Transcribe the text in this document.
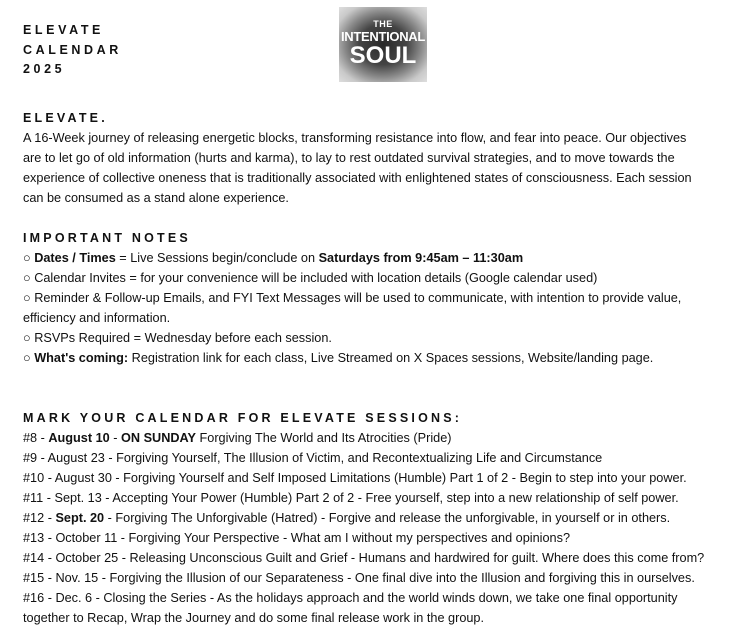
ELEVATE
CALENDAR
2025
THE
INTENTIONAL
SOUL
ELEVATE.
A 16-Week journey of releasing energetic blocks, transforming resistance into flow, and fear into peace. Our objectives
are to let go of old information (hurts and karma), to lay to rest outdated survival strategies, and to move towards the
experience of collective oneness that is traditionally associated with enlightened states of consciousness. Each session
can be consumed as a stand alone experience.
IMPORTANT NOTES
○ Dates / Times = Live Sessions begin/conclude on Saturdays from 9:45am – 11:30am
○ Calendar Invites = for your convenience will be included with location details (Google calendar used)
○ Reminder & Follow-up Emails, and FYI Text Messages will be used to communicate, with intention to provide value,
efficiency and information.
○ RSVPs Required = Wednesday before each session.
○ What's coming: Registration link for each class, Live Streamed on X Spaces sessions, Website/landing page.
MARK YOUR CALENDAR FOR ELEVATE SESSIONS:
#8 - August 10 - ON SUNDAY Forgiving The World and Its Atrocities (Pride)
#9 - August 23 - Forgiving Yourself, The Illusion of Victim, and Recontextualizing Life and Circumstance
#10 - August 30 - Forgiving Yourself and Self Imposed Limitations (Humble) Part 1 of 2 - Begin to step into your power.
#11 - Sept. 13 - Accepting Your Power (Humble) Part 2 of 2 - Free yourself, step into a new relationship of self power.
#12 - Sept. 20 - Forgiving The Unforgivable (Hatred) - Forgive and release the unforgivable, in yourself or in others.
#13 - October 11 - Forgiving Your Perspective - What am I without my perspectives and opinions?
#14 - October 25 - Releasing Unconscious Guilt and Grief - Humans and hardwired for guilt. Where does this come from?
#15 - Nov. 15 - Forgiving the Illusion of our Separateness - One final dive into the Illusion and forgiving this in ourselves.
#16 - Dec. 6 - Closing the Series - As the holidays approach and the world winds down, we take one final opportunity
together to Recap, Wrap the Journey and do some final release work in the group.
